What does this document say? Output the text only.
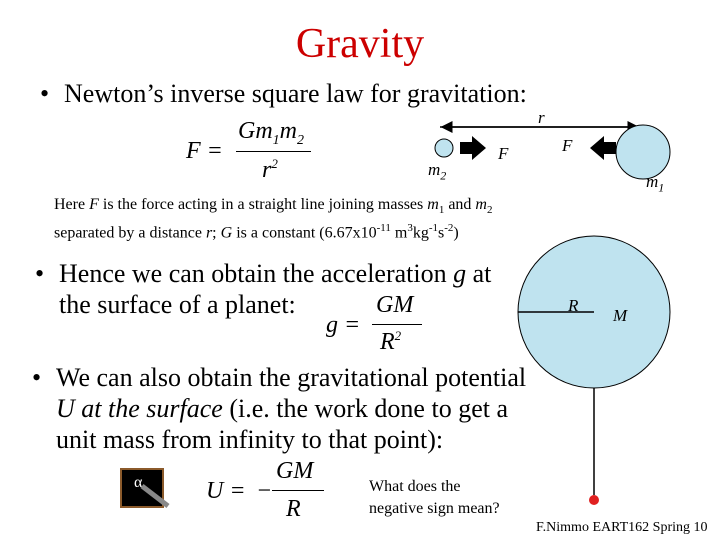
Gravity
• Newton’s inverse square law for gravitation:
F =
$Gm_1m_2$
$r^2$
r
$m_2$
F	F
$m_1$
Here F is the force acting in a straight line joining masses $m_1$ and $m_2$
separated by a distance r; G is a constant ($6.67x10^{-11}$ $m^3kg^{-1}s^{-2}$)
• Hence we can obtain the acceleration g at
the surface of a planet:
g =
GM
$R^2$
R
M
• We can also obtain the gravitational potential
U at the surface (i.e. the work done to get a
unit mass from infinity to that point):
α	U = −
GM
R
What does the
negative sign mean?
F.Nimmo EART162 Spring 10
